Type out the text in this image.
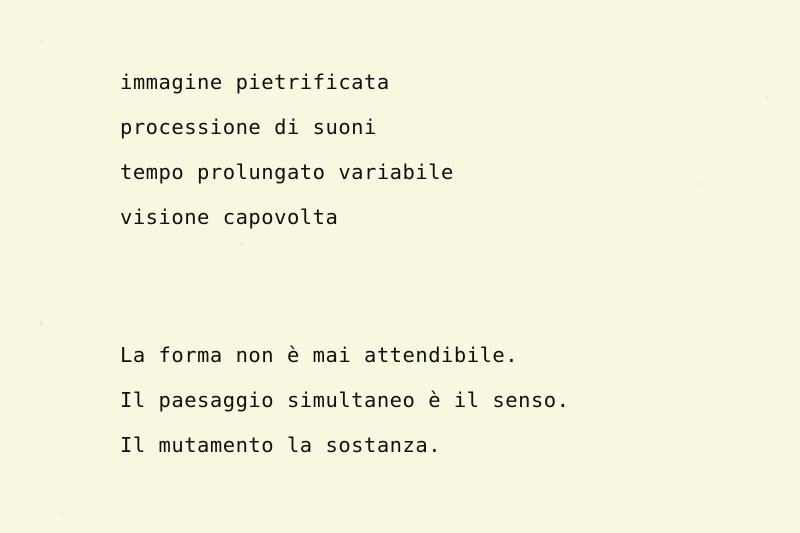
immagine pietrificata
processione di suoni
tempo prolungato variabile
visione capovolta
La forma non è mai attendibile.
Il paesaggio simultaneo è il senso.
Il mutamento la sostanza.
